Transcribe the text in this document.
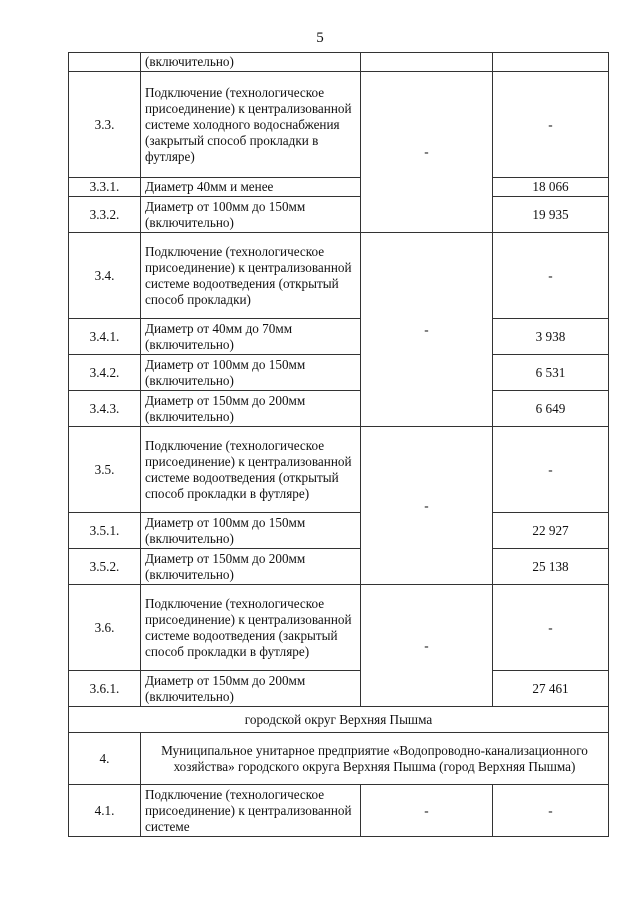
5
	(включительно)		
3.3.	Подключение (технологическое присоединение) к централизованной системе холодного водоснабжения (закрытый способ прокладки в футляре)	-	-
3.3.1.	Диаметр 40мм и менее		18 066
3.3.2.	Диаметр от 100мм до 150мм (включительно)		19 935
3.4.	Подключение (технологическое присоединение) к централизованной системе водоотведения (открытый способ прокладки)	-	-
3.4.1.	Диаметр от 40мм до 70мм (включительно)		3 938
3.4.2.	Диаметр от 100мм до 150мм (включительно)		6 531
3.4.3.	Диаметр от 150мм до 200мм (включительно)		6 649
3.5.	Подключение (технологическое присоединение) к централизованной системе водоотведения (открытый способ прокладки в футляре)	-	-
3.5.1.	Диаметр от 100мм до 150мм (включительно)		22 927
3.5.2.	Диаметр от 150мм до 200мм (включительно)		25 138
3.6.	Подключение (технологическое присоединение) к централизованной системе водоотведения (закрытый способ прокладки в футляре)	-	-
3.6.1.	Диаметр от 150мм до 200мм (включительно)		27 461
городской округ Верхняя Пышма			
4.	Муниципальное унитарное предприятие «Водопроводно-канализационного хозяйства» городского округа Верхняя Пышма (город Верхняя Пышма)		
4.1.	Подключение (технологическое присоединение) к централизованной системе	-	-
